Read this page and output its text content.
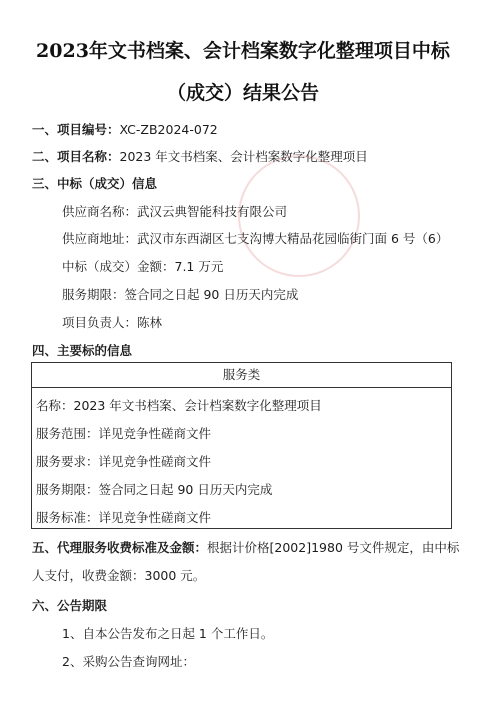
2023年文书档案、会计档案数字化整理项目中标
（成交）结果公告
一、项目编号：XC-ZB2024-072
二、项目名称：2023 年文书档案、会计档案数字化整理项目
三、中标（成交）信息
供应商名称：武汉云典智能科技有限公司
供应商地址：武汉市东西湖区七支沟博大精品花园临街门面 6 号（6）
中标（成交）金额：7.1 万元
服务期限：签合同之日起 90 日历天内完成
项目负责人：陈林
四、主要标的信息
服务类
名称：2023 年文书档案、会计档案数字化整理项目
服务范围：详见竞争性磋商文件
服务要求：详见竞争性磋商文件
服务期限：签合同之日起 90 日历天内完成
服务标准：详见竞争性磋商文件
五、代理服务收费标准及金额：根据计价格[2002]1980 号文件规定，由中标
人支付，收费金额：3000 元。
六、公告期限
1、自本公告发布之日起 1 个工作日。
2、采购公告查询网址：
